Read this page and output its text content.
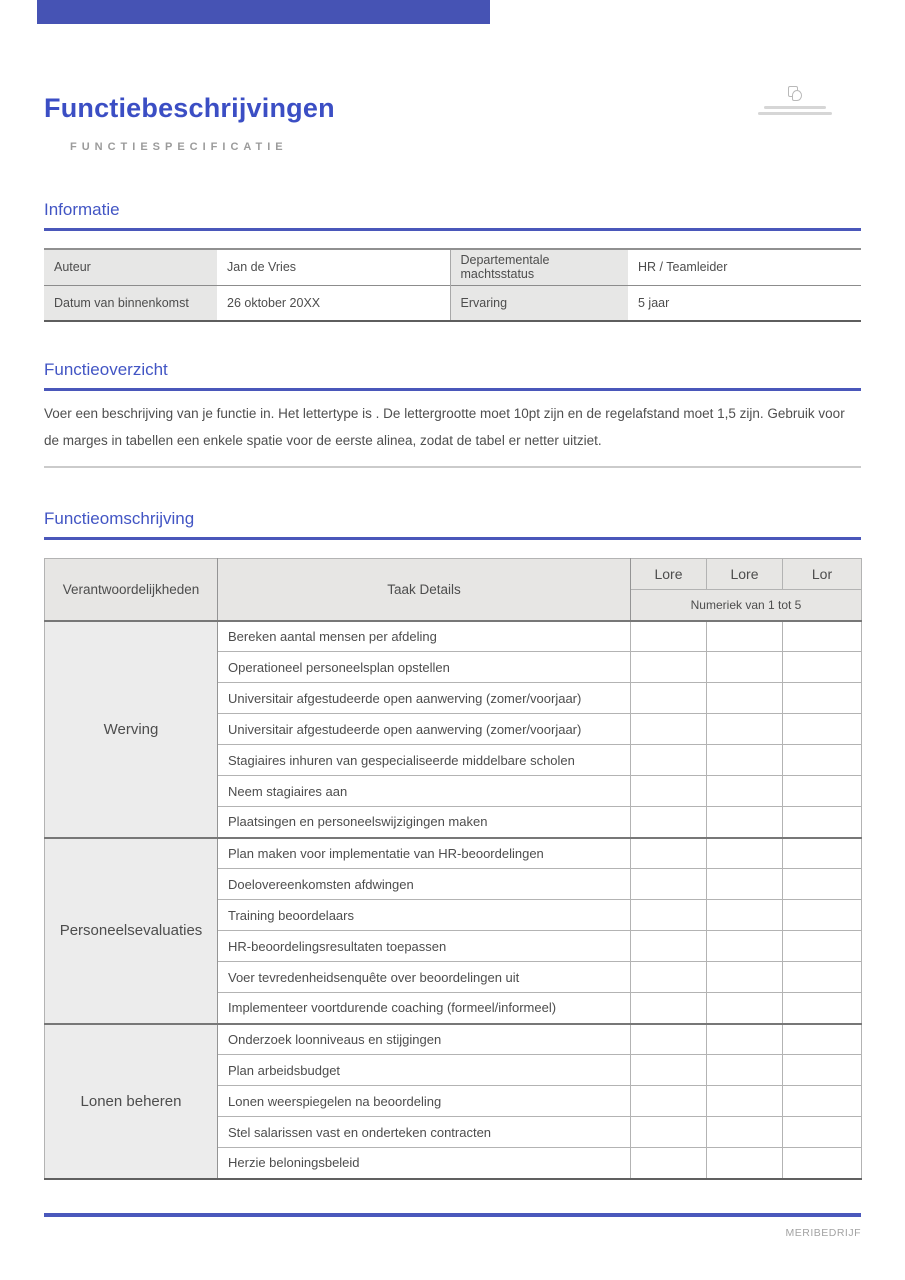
Functiebeschrijvingen
FUNCTIESPECIFICATIE
Informatie
Auteur	Jan de Vries	Departementale machtsstatus	HR / Teamleider
Datum van binnenkomst	26 oktober 20XX	Ervaring	5 jaar
Functieoverzicht

Voer een beschrijving van je functie in. Het lettertype is . De lettergrootte moet 10pt zijn en de regelafstand moet 1,5 zijn. Gebruik voor de marges in tabellen een enkele spatie voor de eerste alinea, zodat de tabel er netter uitziet.

Functieomschrijving
Verantwoordelijkheden	Taak Details	Lore	Lore	Lor
		Numeriek van 1 tot 5		
Werving	Bereken aantal mensen per afdeling			
	Operationeel personeelsplan opstellen			
	Universitair afgestudeerde open aanwerving (zomer/voorjaar)			
	Universitair afgestudeerde open aanwerving (zomer/voorjaar)			
	Stagiaires inhuren van gespecialiseerde middelbare scholen			
	Neem stagiaires aan			
	Plaatsingen en personeelswijzigingen maken			
Personeelsevaluaties	Plan maken voor implementatie van HR-beoordelingen			
	Doelovereenkomsten afdwingen			
	Training beoordelaars			
	HR-beoordelingsresultaten toepassen			
	Voer tevredenheidsenquête over beoordelingen uit			
	Implementeer voortdurende coaching (formeel/informeel)			
Lonen beheren	Onderzoek loonniveaus en stijgingen			
	Plan arbeidsbudget			
	Lonen weerspiegelen na beoordeling			
	Stel salarissen vast en onderteken contracten			
	Herzie beloningsbeleid			
MERIBEDRIJF
